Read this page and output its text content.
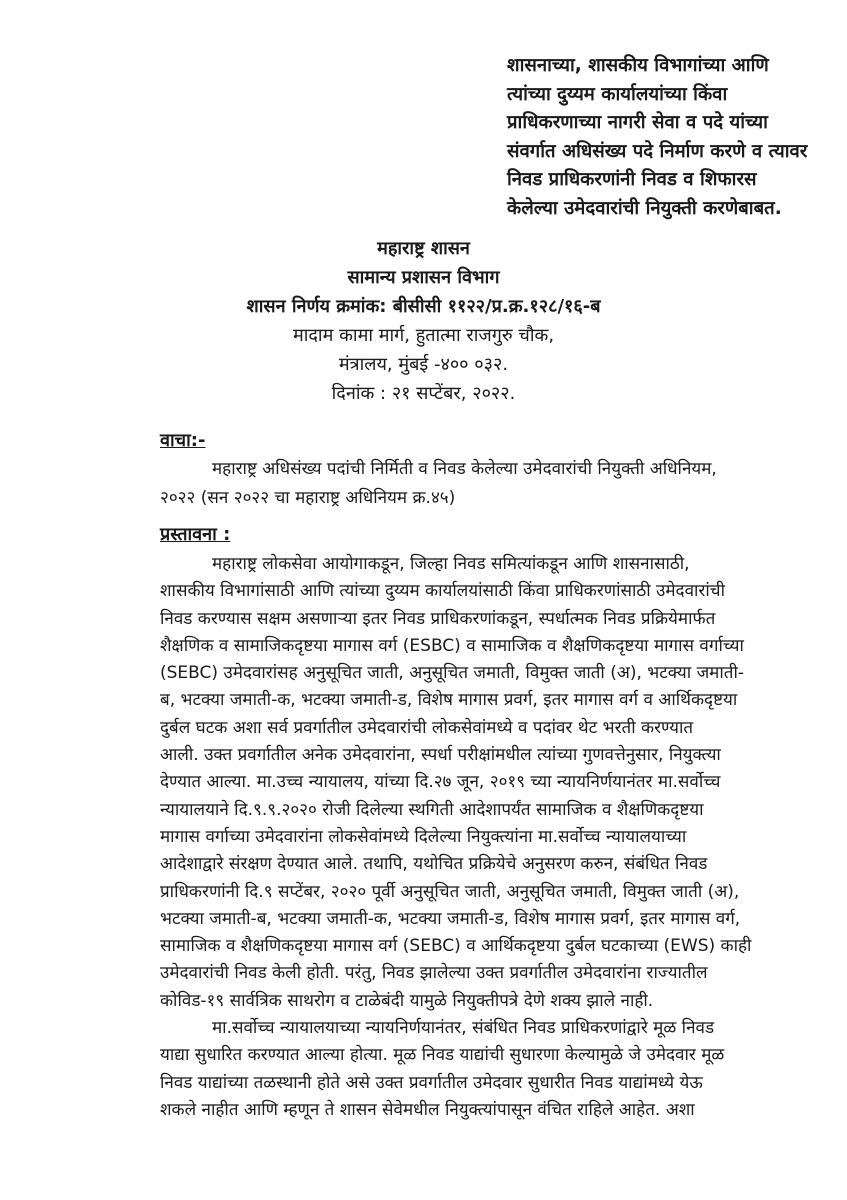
शासनाच्या, शासकीय विभागांच्या आणि
त्यांच्या दुय्यम कार्यालयांच्या किंवा
प्राधिकरणाच्या नागरी सेवा व पदे यांच्या
संवर्गात अधिसंख्य पदे निर्माण करणे व त्यावर
निवड प्राधिकरणांनी निवड व शिफारस
केलेल्या उमेदवारांची नियुक्ती करणेबाबत.
महाराष्ट्र शासन
सामान्य प्रशासन विभाग
शासन निर्णय क्रमांक: बीसीसी ११२२/प्र.क्र.१२८/१६-ब
मादाम कामा मार्ग, हुतात्मा राजगुरु चौक,
मंत्रालय, मुंबई -४०० ०३२.
दिनांक : २१ सप्टेंबर, २०२२.
वाचा:-
महाराष्ट्र अधिसंख्य पदांची निर्मिती व निवड केलेल्या उमेदवारांची नियुक्ती अधिनियम,
२०२२ (सन २०२२ चा महाराष्ट्र अधिनियम क्र.४५)
प्रस्तावना :
महाराष्ट्र लोकसेवा आयोगाकडून, जिल्हा निवड समित्यांकडून आणि शासनासाठी,
शासकीय विभागांसाठी आणि त्यांच्या दुय्यम कार्यालयांसाठी किंवा प्राधिकरणांसाठी उमेदवारांची
निवड करण्यास सक्षम असणाऱ्या इतर निवड प्राधिकरणांकडून, स्पर्धात्मक निवड प्रक्रियेमार्फत
शैक्षणिक व सामाजिकदृष्टया मागास वर्ग (ESBC) व सामाजिक व शैक्षणिकदृष्टया मागास वर्गाच्या
(SEBC) उमेदवारांसह अनुसूचित जाती, अनुसूचित जमाती, विमुक्त जाती (अ), भटक्या जमाती-
ब, भटक्या जमाती-क, भटक्या जमाती-ड, विशेष मागास प्रवर्ग, इतर मागास वर्ग व आर्थिकदृष्टया
दुर्बल घटक अशा सर्व प्रवर्गातील उमेदवारांची लोकसेवांमध्ये व पदांवर थेट भरती करण्यात
आली. उक्त प्रवर्गातील अनेक उमेदवारांना, स्पर्धा परीक्षांमधील त्यांच्या गुणवत्तेनुसार, नियुक्त्या
देण्यात आल्या. मा.उच्च न्यायालय, यांच्या दि.२७ जून, २०१९ च्या न्यायनिर्णयानंतर मा.सर्वोच्च
न्यायालयाने दि.९.९.२०२० रोजी दिलेल्या स्थगिती आदेशापर्यंत सामाजिक व शैक्षणिकदृष्टया
मागास वर्गाच्या उमेदवारांना लोकसेवांमध्ये दिलेल्या नियुक्त्यांना मा.सर्वोच्च न्यायालयाच्या
आदेशाद्वारे संरक्षण देण्यात आले. तथापि, यथोचित प्रक्रियेचे अनुसरण करुन, संबंधित निवड
प्राधिकरणांनी दि.९ सप्टेंबर, २०२० पूर्वी अनुसूचित जाती, अनुसूचित जमाती, विमुक्त जाती (अ),
भटक्या जमाती-ब, भटक्या जमाती-क, भटक्या जमाती-ड, विशेष मागास प्रवर्ग, इतर मागास वर्ग,
सामाजिक व शैक्षणिकदृष्टया मागास वर्ग (SEBC) व आर्थिकदृष्टया दुर्बल घटकाच्या (EWS) काही
उमेदवारांची निवड केली होती. परंतु, निवड झालेल्या उक्त प्रवर्गातील उमेदवारांना राज्यातील
कोविड-१९ सार्वत्रिक साथरोग व टाळेबंदी यामुळे नियुक्तीपत्रे देणे शक्य झाले नाही.
मा.सर्वोच्च न्यायालयाच्या न्यायनिर्णयानंतर, संबंधित निवड प्राधिकरणांद्वारे मूळ निवड
याद्या सुधारित करण्यात आल्या होत्या. मूळ निवड याद्यांची सुधारणा केल्यामुळे जे उमेदवार मूळ
निवड याद्यांच्या तळस्थानी होते असे उक्त प्रवर्गातील उमेदवार सुधारीत निवड याद्यांमध्ये येऊ
शकले नाहीत आणि म्हणून ते शासन सेवेमधील नियुक्त्यांपासून वंचित राहिले आहेत. अशा
